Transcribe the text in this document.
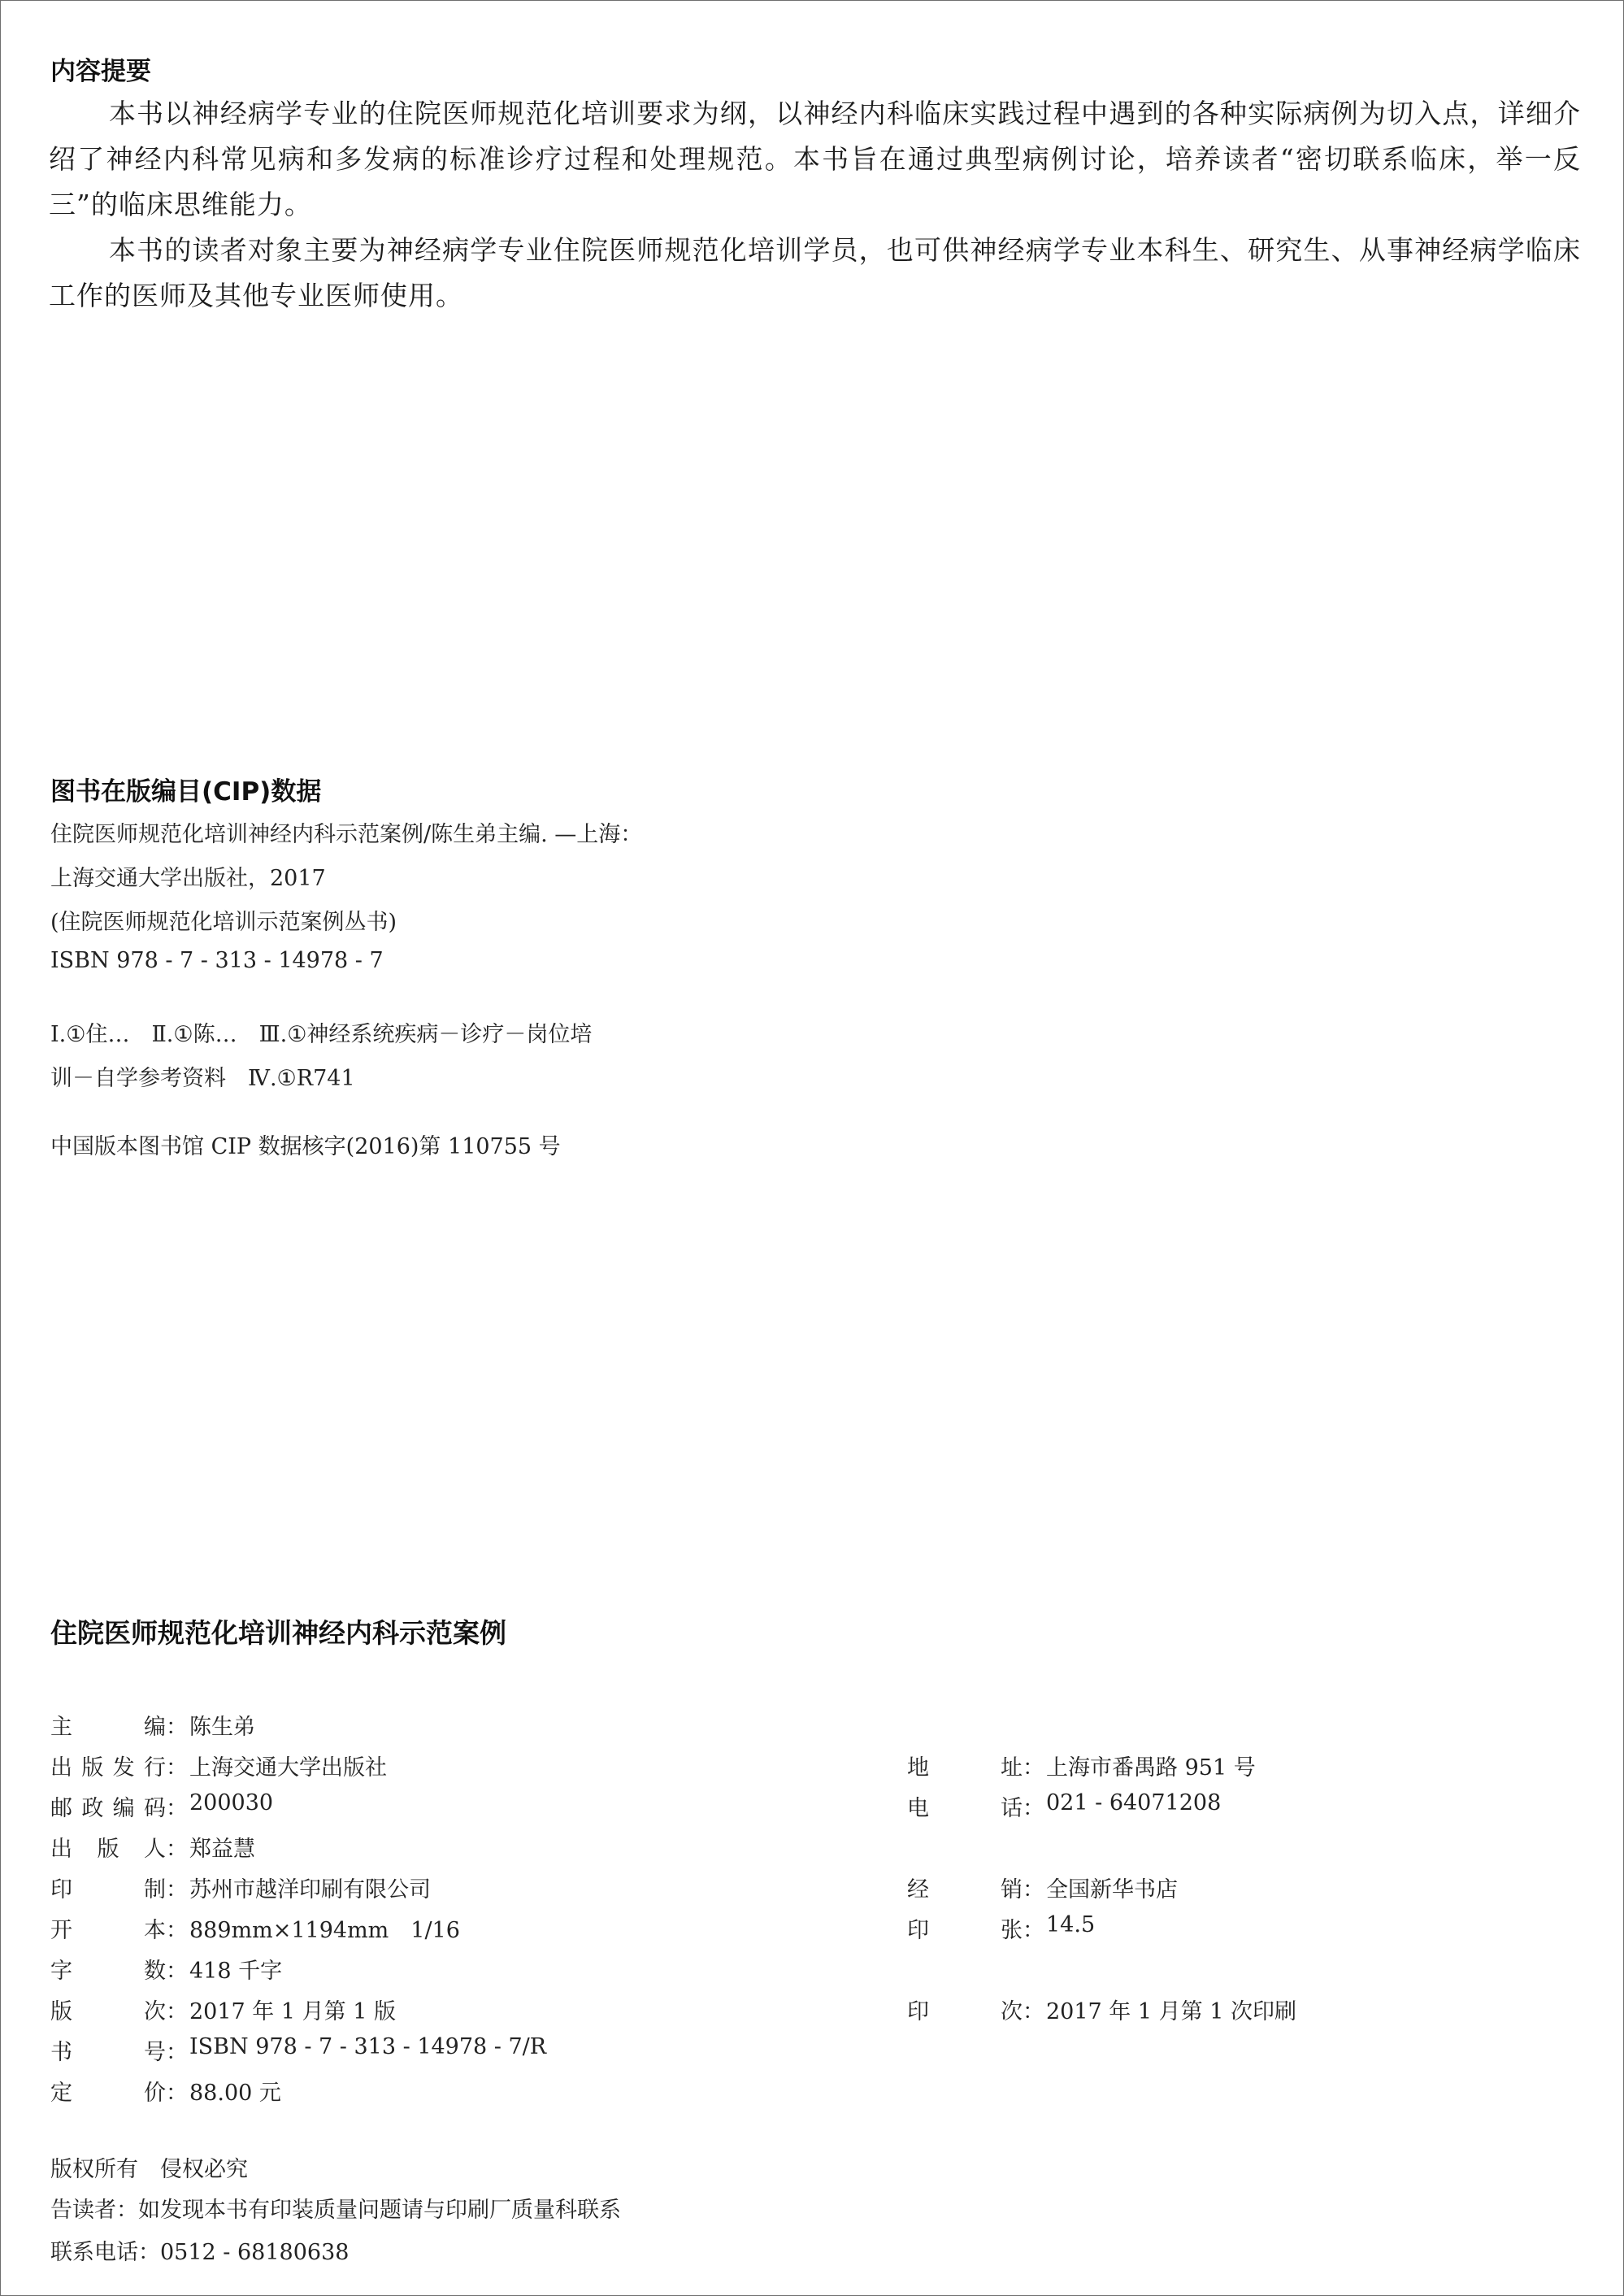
内容提要

本书以神经病学专业的住院医师规范化培训要求为纲，以神经内科临床实践过程中遇到的各种实际病例为切入点，详细介绍了神经内科常见病和多发病的标准诊疗过程和处理规范。本书旨在通过典型病例讨论，培养读者“密切联系临床，举一反三”的临床思维能力。

本书的读者对象主要为神经病学专业住院医师规范化培训学员，也可供神经病学专业本科生、研究生、从事神经病学临床工作的医师及其他专业医师使用。

图书在版编目(CIP)数据
住院医师规范化培训神经内科示范案例/陈生弟主编. —上海：
上海交通大学出版社，2017
(住院医师规范化培训示范案例丛书)
ISBN 978 - 7 - 313 - 14978 - 7
Ⅰ.①住…　Ⅱ.①陈…　Ⅲ.①神经系统疾病－诊疗－岗位培
训－自学参考资料　Ⅳ.①R741
中国版本图书馆 CIP 数据核字(2016)第 110755 号
住院医师规范化培训神经内科示范案例
版权所有　侵权必究
告读者：如发现本书有印装质量问题请与印刷厂质量科联系
联系电话：0512 - 68180638
主　　编 ： 陈生弟
出版发行 ： 上海交通大学出版社
邮政编码 ： 200030
出 版 人 ： 郑益慧
印　　制 ： 苏州市越洋印刷有限公司
开　　本 ： 889mm×1194mm　1/16
字　　数 ： 418 千字
版　　次 ： 2017 年 1 月第 1 版
书　　号 ： ISBN 978 - 7 - 313 - 14978 - 7/R
定　　价 ： 88.00 元
地　　址 ： 上海市番禺路 951 号
电　　话 ： 021 - 64071208
经　　销 ： 全国新华书店
印　　张 ： 14.5
印　　次 ： 2017 年 1 月第 1 次印刷
